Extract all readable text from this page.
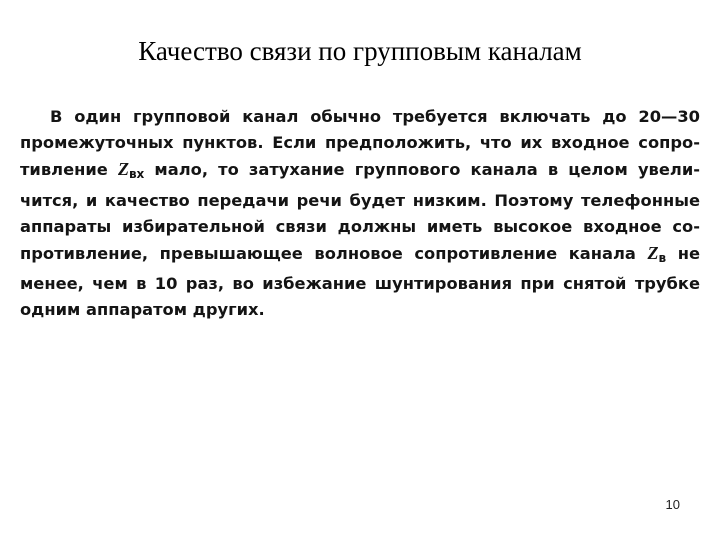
Качество связи по групповым каналам
В один групповой канал обычно требуется включать до 20—30
промежуточных пунктов. Если предположить, что их входное сопро-
тивление $Z_{вх}$ мало, то затухание группового канала в целом увели-
чится, и качество передачи речи будет низким. Поэтому телефонные
аппараты избирательной связи должны иметь высокое входное со-
противление, превышающее волновое сопротивление канала $Z_в$ не
менее, чем в 10 раз, во избежание шунтирования при снятой трубке
одним аппаратом других.
10
